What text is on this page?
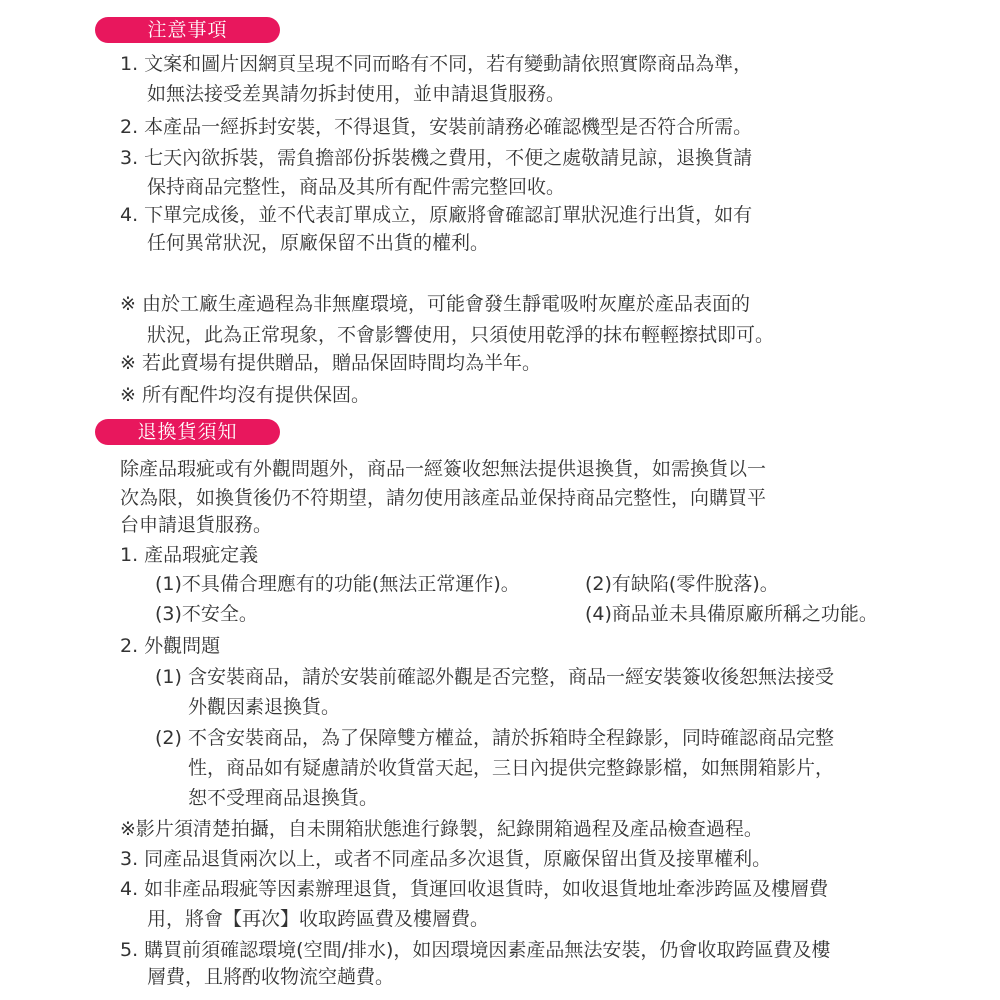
注意事項
1. 文案和圖片因網頁呈現不同而略有不同，若有變動請依照實際商品為準，
如無法接受差異請勿拆封使用，並申請退貨服務。
2. 本產品一經拆封安裝，不得退貨，安裝前請務必確認機型是否符合所需。
3. 七天內欲拆裝，需負擔部份拆裝機之費用，不便之處敬請見諒，退換貨請
保持商品完整性，商品及其所有配件需完整回收。
4. 下單完成後，並不代表訂單成立，原廠將會確認訂單狀況進行出貨，如有
任何異常狀況，原廠保留不出貨的權利。
※ 由於工廠生產過程為非無塵環境，可能會發生靜電吸咐灰塵於產品表面的
狀況，此為正常現象，不會影響使用，只須使用乾淨的抹布輕輕擦拭即可。
※ 若此賣場有提供贈品，贈品保固時間均為半年。
※ 所有配件均沒有提供保固。
退換貨須知
除產品瑕疵或有外觀問題外，商品一經簽收恕無法提供退換貨，如需換貨以一
次為限，如換貨後仍不符期望，請勿使用該產品並保持商品完整性，向購買平
台申請退貨服務。
1. 產品瑕疵定義
(1)不具備合理應有的功能(無法正常運作)。	(2)有缺陷(零件脫落)。
(3)不安全。	(4)商品並未具備原廠所稱之功能。
2. 外觀問題
(1) 含安裝商品，請於安裝前確認外觀是否完整，商品一經安裝簽收後恕無法接受
外觀因素退換貨。
(2) 不含安裝商品，為了保障雙方權益，請於拆箱時全程錄影，同時確認商品完整
性，商品如有疑慮請於收貨當天起，三日內提供完整錄影檔，如無開箱影片，
恕不受理商品退換貨。
※影片須清楚拍攝，自未開箱狀態進行錄製，紀錄開箱過程及產品檢查過程。
3. 同產品退貨兩次以上，或者不同產品多次退貨，原廠保留出貨及接單權利。
4. 如非產品瑕疵等因素辦理退貨，貨運回收退貨時，如收退貨地址牽涉跨區及樓層費
用，將會【再次】收取跨區費及樓層費。
5. 購買前須確認環境(空間/排水)，如因環境因素產品無法安裝，仍會收取跨區費及樓
層費，且將酌收物流空趟費。
